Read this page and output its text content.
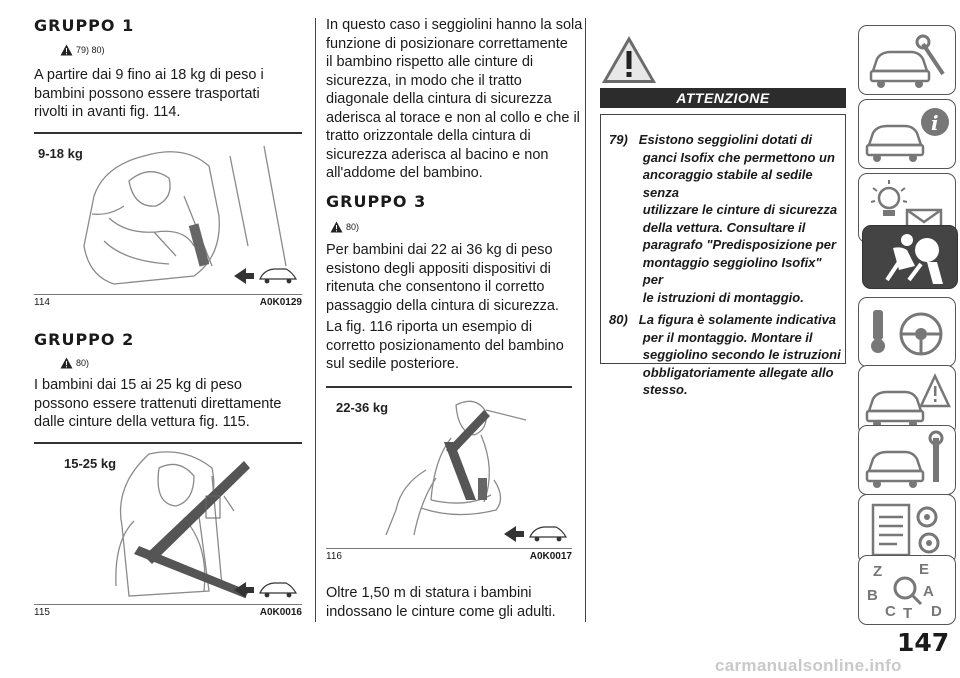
GRUPPO 1
79) 80)
A partire dai 9 fino ai 18 kg di peso i
bambini possono essere trasportati
rivolti in avanti fig. 114.
9-18 kg
114	A0K0129
GRUPPO 2
80)
I bambini dai 15 ai 25 kg di peso
possono essere trattenuti direttamente
dalle cinture della vettura fig. 115.
15-25 kg
115	A0K0016
In questo caso i seggiolini hanno la sola
funzione di posizionare correttamente
il bambino rispetto alle cinture di
sicurezza, in modo che il tratto
diagonale della cintura di sicurezza
aderisca al torace e non al collo e che il
tratto orizzontale della cintura di
sicurezza aderisca al bacino e non
all'addome del bambino.
GRUPPO 3
80)
Per bambini dai 22 ai 36 kg di peso
esistono degli appositi dispositivi di
ritenuta che consentono il corretto
passaggio della cintura di sicurezza.
La fig. 116 riporta un esempio di
corretto posizionamento del bambino
sul sedile posteriore.
22-36 kg
116	A0K0017
Oltre 1,50 m di statura i bambini
indossano le cinture come gli adulti.
ATTENZIONE
79) Esistono seggiolini dotati di
ganci Isofix che permettono un
ancoraggio stabile al sedile senza
utilizzare le cinture di sicurezza
della vettura. Consultare il
paragrafo "Predisposizione per
montaggio seggiolino Isofix" per
le istruzioni di montaggio.
80) La figura è solamente indicativa
per il montaggio. Montare il
seggiolino secondo le istruzioni
obbligatoriamente allegate allo
stesso.
i
Z E
B	A
C T D
147
carmanualsonline.info
